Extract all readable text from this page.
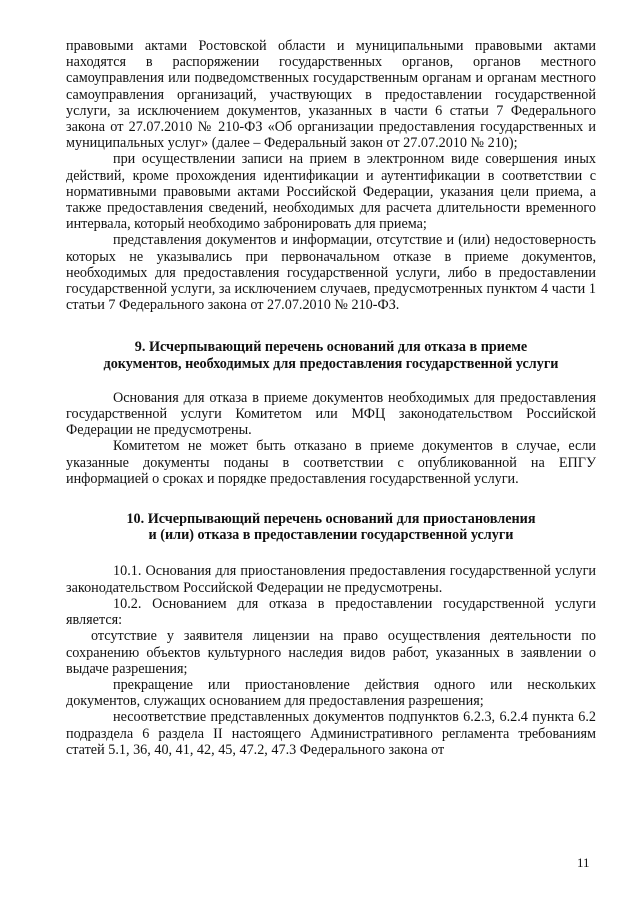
правовыми актами Ростовской области и муниципальными правовыми актами находятся в распоряжении государственных органов, органов местного самоуправления или подведомственных государственным органам и органам местного самоуправления организаций, участвующих в предоставлении государственной услуги, за исключением документов, указанных в части 6 статьи 7 Федерального закона от 27.07.2010 № 210-ФЗ «Об организации предоставления государственных и муниципальных услуг» (далее – Федеральный закон от 27.07.2010 № 210);

при осуществлении записи на прием в электронном виде совершения иных действий, кроме прохождения идентификации и аутентификации в соответствии с нормативными правовыми актами Российской Федерации, указания цели приема, а также предоставления сведений, необходимых для расчета длительности временного интервала, который необходимо забронировать для приема;

представления документов и информации, отсутствие и (или) недостоверность которых не указывались при первоначальном отказе в приеме документов, необходимых для предоставления государственной услуги, либо в предоставлении государственной услуги, за исключением случаев, предусмотренных пунктом 4 части 1 статьи 7 Федерального закона от 27.07.2010 № 210-ФЗ.

9. Исчерпывающий перечень оснований для отказа в приеме

документов, необходимых для предоставления государственной услуги

Основания для отказа в приеме документов необходимых для предоставления государственной услуги Комитетом или МФЦ законодательством Российской Федерации не предусмотрены.

Комитетом не может быть отказано в приеме документов в случае, если указанные документы поданы в соответствии с опубликованной на ЕПГУ информацией о сроках и порядке предоставления государственной услуги.

10. Исчерпывающий перечень оснований для приостановления

и (или) отказа в предоставлении государственной услуги

10.1. Основания для приостановления предоставления государственной услуги законодательством Российской Федерации не предусмотрены.

10.2. Основанием для отказа в предоставлении государственной услуги является:

отсутствие у заявителя лицензии на право осуществления деятельности по сохранению объектов культурного наследия видов работ, указанных в заявлении о выдаче разрешения;

прекращение или приостановление действия одного или нескольких документов, служащих основанием для предоставления разрешения;

несоответствие представленных документов подпунктов 6.2.3, 6.2.4 пункта 6.2 подраздела 6 раздела II настоящего Административного регламента требованиям статей 5.1, 36, 40, 41, 42, 45, 47.2, 47.3 Федерального закона от

11
